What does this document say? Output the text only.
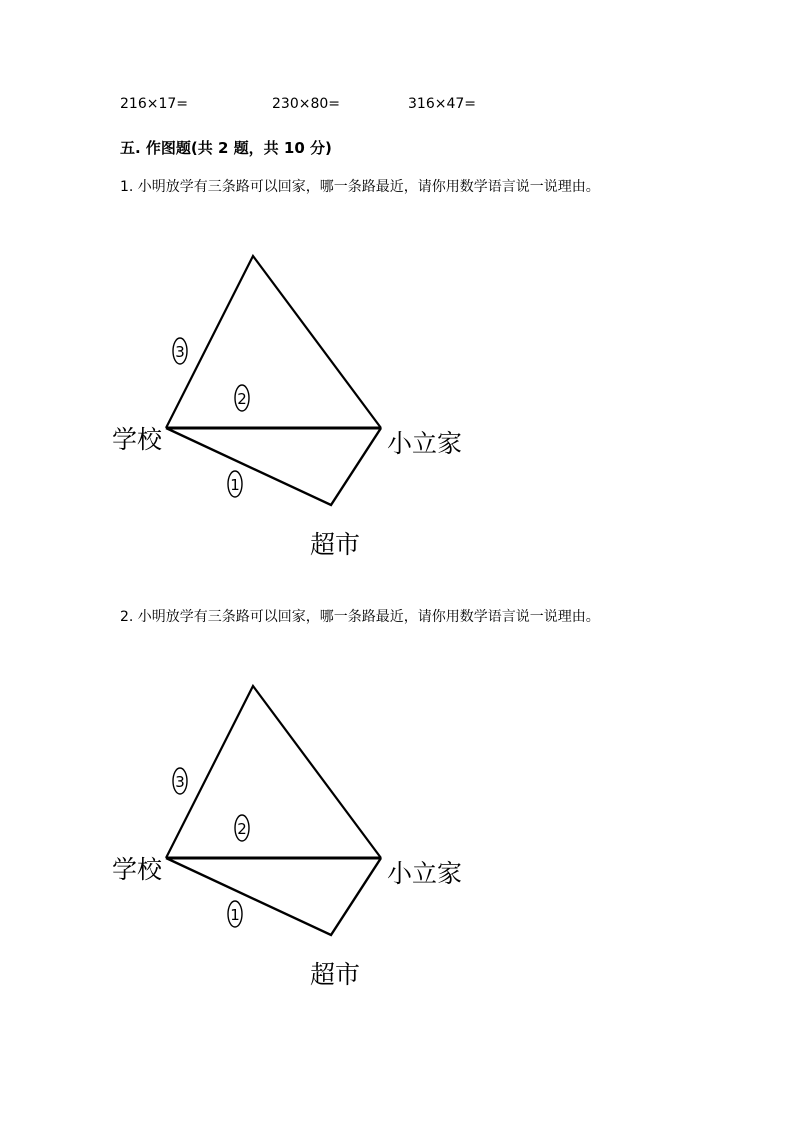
216×17=	230×80=	316×47=
五. 作图题(共 2 题，共 10 分)
1. 小明放学有三条路可以回家，哪一条路最近，请你用数学语言说一说理由。
3
2
1
学校	小立家
超市
2. 小明放学有三条路可以回家，哪一条路最近，请你用数学语言说一说理由。
3
2
1
学校	小立家
超市
